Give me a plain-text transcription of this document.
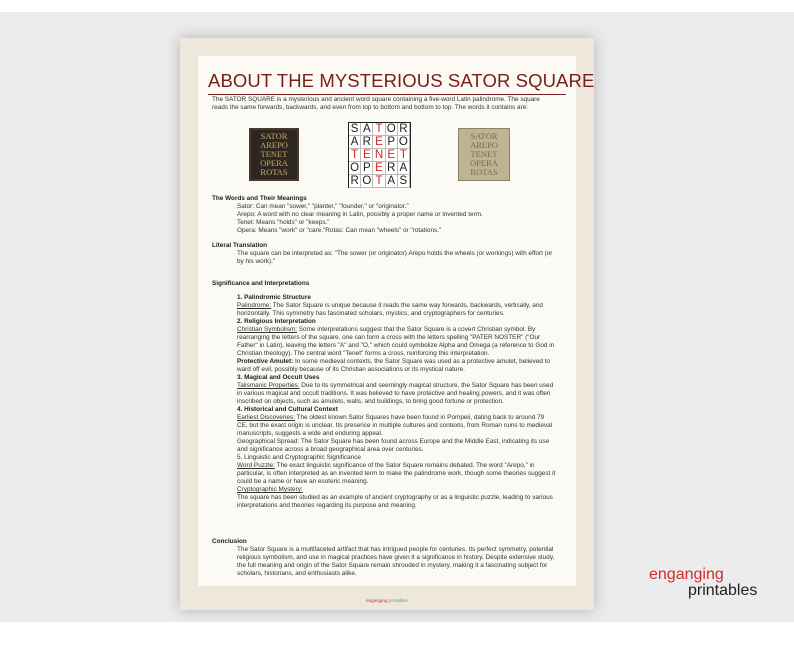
ABOUT THE MYSTERIOUS SATOR SQUARE
The SATOR SQUARE is a mysterious and ancient word square containing a five-word Latin palindrome. The square reads the same forwards, backwards, and even from top to bottom and bottom to top. The words it contains are:
SATOR
AREPO
TENET
OPERA
ROTAS
S A T O R
A R E P O
T E N E T
O P E R A
R O T A S
SATOR
AREPO
TENET
OPERA
ROTAS
The Words and Their Meanings
Sator: Can mean "sower," "planter," "founder," or "originator."
Arepo: A word with no clear meaning in Latin, possibly a proper name or invented term.
Tenet: Means "holds" or "keeps."
Opera: Means "work" or "care."Rotas: Can mean "wheels" or "rotations."
Literal Translation
The square can be interpreted as: "The sower (or originator) Arepo holds the wheels (or workings) with effort (or by his work)."
Significance and Interpretations
1. Palindromic Structure
Palindrome: The Sator Square is unique because it reads the same way forwards, backwards, vertically, and horizontally. This symmetry has fascinated scholars, mystics, and cryptographers for centuries.
2. Religious Interpretation
Christian Symbolism: Some interpretations suggest that the Sator Square is a covert Christian symbol. By rearranging the letters of the square, one can form a cross with the letters spelling "PATER NOSTER" ("Our Father" in Latin), leaving the letters "A" and "O," which could symbolize Alpha and Omega (a reference to God in Christian theology). The central word "Tenet" forms a cross, reinforcing this interpretation.
Protective Amulet: In some medieval contexts, the Sator Square was used as a protective amulet, believed to ward off evil, possibly because of its Christian associations or its mystical nature.
3. Magical and Occult Uses
Talismanic Properties: Due to its symmetrical and seemingly magical structure, the Sator Square has been used in various magical and occult traditions. It was believed to have protective and healing powers, and it was often inscribed on objects, such as amulets, walls, and buildings, to bring good fortune or protection.
4. Historical and Cultural Context
Earliest Discoveries: The oldest known Sator Squares have been found in Pompeii, dating back to around 79 CE, but the exact origin is unclear. Its presence in multiple cultures and contexts, from Roman ruins to medieval manuscripts, suggests a wide and enduring appeal.
Geographical Spread: The Sator Square has been found across Europe and the Middle East, indicating its use and significance across a broad geographical area over centuries.
5. Linguistic and Cryptographic Significance
Word Puzzle: The exact linguistic significance of the Sator Square remains debated. The word "Arepo," in particular, is often interpreted as an invented term to make the palindrome work, though some theories suggest it could be a name or have an esoteric meaning.
Cryptographic Mystery:
The square has been studied as an example of ancient cryptography or as a linguistic puzzle, leading to various interpretations and theories regarding its purpose and meaning.
Conclusion
The Sator Square is a multifaceted artifact that has intrigued people for centuries. Its perfect symmetry, potential religious symbolism, and use in magical practices have given it a significance in history. Despite extensive study, the full meaning and origin of the Sator Square remain shrouded in mystery, making it a fascinating subject for scholars, historians, and enthusiasts alike.
enganging printables
enganging
printables
